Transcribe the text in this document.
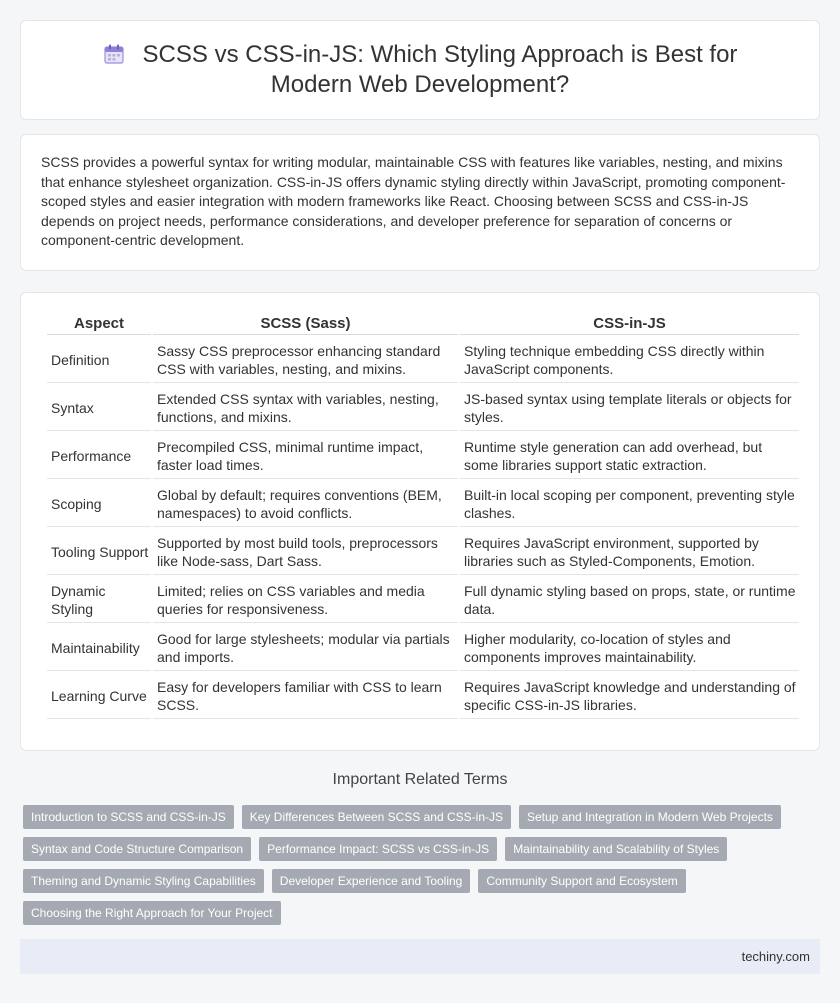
SCSS vs CSS-in-JS: Which Styling Approach is Best for Modern Web Development?
SCSS provides a powerful syntax for writing modular, maintainable CSS with features like variables, nesting, and mixins that enhance stylesheet organization. CSS-in-JS offers dynamic styling directly within JavaScript, promoting component-scoped styles and easier integration with modern frameworks like React. Choosing between SCSS and CSS-in-JS depends on project needs, performance considerations, and developer preference for separation of concerns or component-centric development.
Aspect	SCSS (Sass)	CSS-in-JS
Definition	Sassy CSS preprocessor enhancing standard CSS with variables, nesting, and mixins.	Styling technique embedding CSS directly within JavaScript components.
Syntax	Extended CSS syntax with variables, nesting, functions, and mixins.	JS-based syntax using template literals or objects for styles.
Performance	Precompiled CSS, minimal runtime impact, faster load times.	Runtime style generation can add overhead, but some libraries support static extraction.
Scoping	Global by default; requires conventions (BEM, namespaces) to avoid conflicts.	Built-in local scoping per component, preventing style clashes.
Tooling Support	Supported by most build tools, preprocessors like Node-sass, Dart Sass.	Requires JavaScript environment, supported by libraries such as Styled-Components, Emotion.
Dynamic Styling	Limited; relies on CSS variables and media queries for responsiveness.	Full dynamic styling based on props, state, or runtime data.
Maintainability	Good for large stylesheets; modular via partials and imports.	Higher modularity, co-location of styles and components improves maintainability.
Learning Curve	Easy for developers familiar with CSS to learn SCSS.	Requires JavaScript knowledge and understanding of specific CSS-in-JS libraries.
Important Related Terms
Introduction to SCSS and CSS-in-JS	Key Differences Between SCSS and CSS-in-JS	Setup and Integration in Modern Web Projects
Syntax and Code Structure Comparison	Performance Impact: SCSS vs CSS-in-JS	Maintainability and Scalability of Styles
Theming and Dynamic Styling Capabilities	Developer Experience and Tooling	Community Support and Ecosystem
Choosing the Right Approach for Your Project
techiny.com
